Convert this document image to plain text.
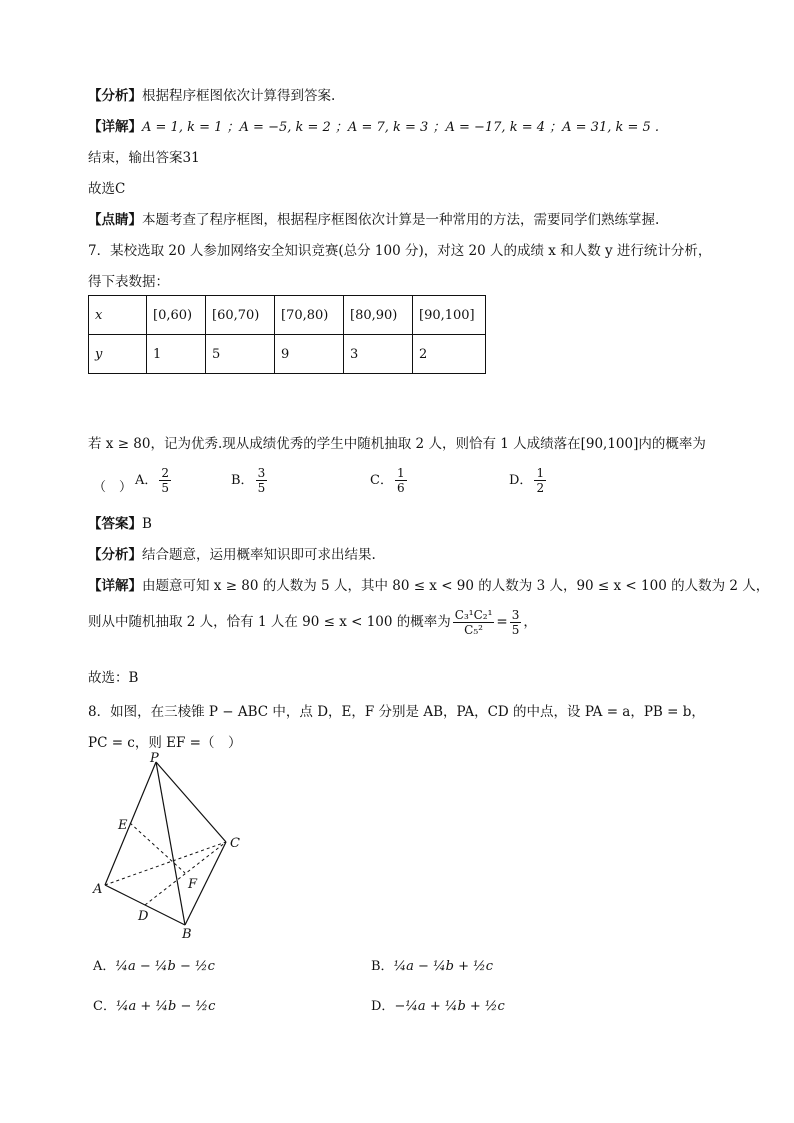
【分析】根据程序框图依次计算得到答案.
【详解】A = 1, k = 1 ；A = −5, k = 2 ；A = 7, k = 3 ；A = −17, k = 4 ；A = 31, k = 5 .
结束，输出答案31
故选C
【点睛】本题考查了程序框图，根据程序框图依次计算是一种常用的方法，需要同学们熟练掌握.
7．某校选取 20 人参加网络安全知识竞赛(总分 100 分)，对这 20 人的成绩 x 和人数 y 进行统计分析，
得下表数据：
x	[0,60)	[60,70)	[70,80)	[80,90)	[90,100]
y	1	5	9	3	2
若 x ≥ 80，记为优秀.现从成绩优秀的学生中随机抽取 2 人，则恰有 1 人成绩落在[90,100]内的概率为
（　） A． $\frac{2}{5}$	B． $\frac{3}{5}$	C． $\frac{1}{6}$	D． $\frac{1}{2}$
【答案】B
【分析】结合题意，运用概率知识即可求出结果.
【详解】由题意可知 x ≥ 80 的人数为 5 人，其中 80 ≤ x < 90 的人数为 3 人，90 ≤ x < 100 的人数为 2 人，
则从中随机抽取 2 人，恰有 1 人在 90 ≤ x < 100 的概率为 $\frac{\text{C₃¹C₂¹}}{\text{C₅²}} = \frac{3}{5}$ ，
故选：B
8．如图，在三棱锥 P − ABC 中，点 D，E，F 分别是 AB，PA，CD 的中点，设 PA = a，PB = b，
PC = c，则 EF =（　）
P
E
C
F
A
D
B
A．¼a − ¼b − ½c	B．¼a − ¼b + ½c
C．¼a + ¼b − ½c	D．−¼a + ¼b + ½c
